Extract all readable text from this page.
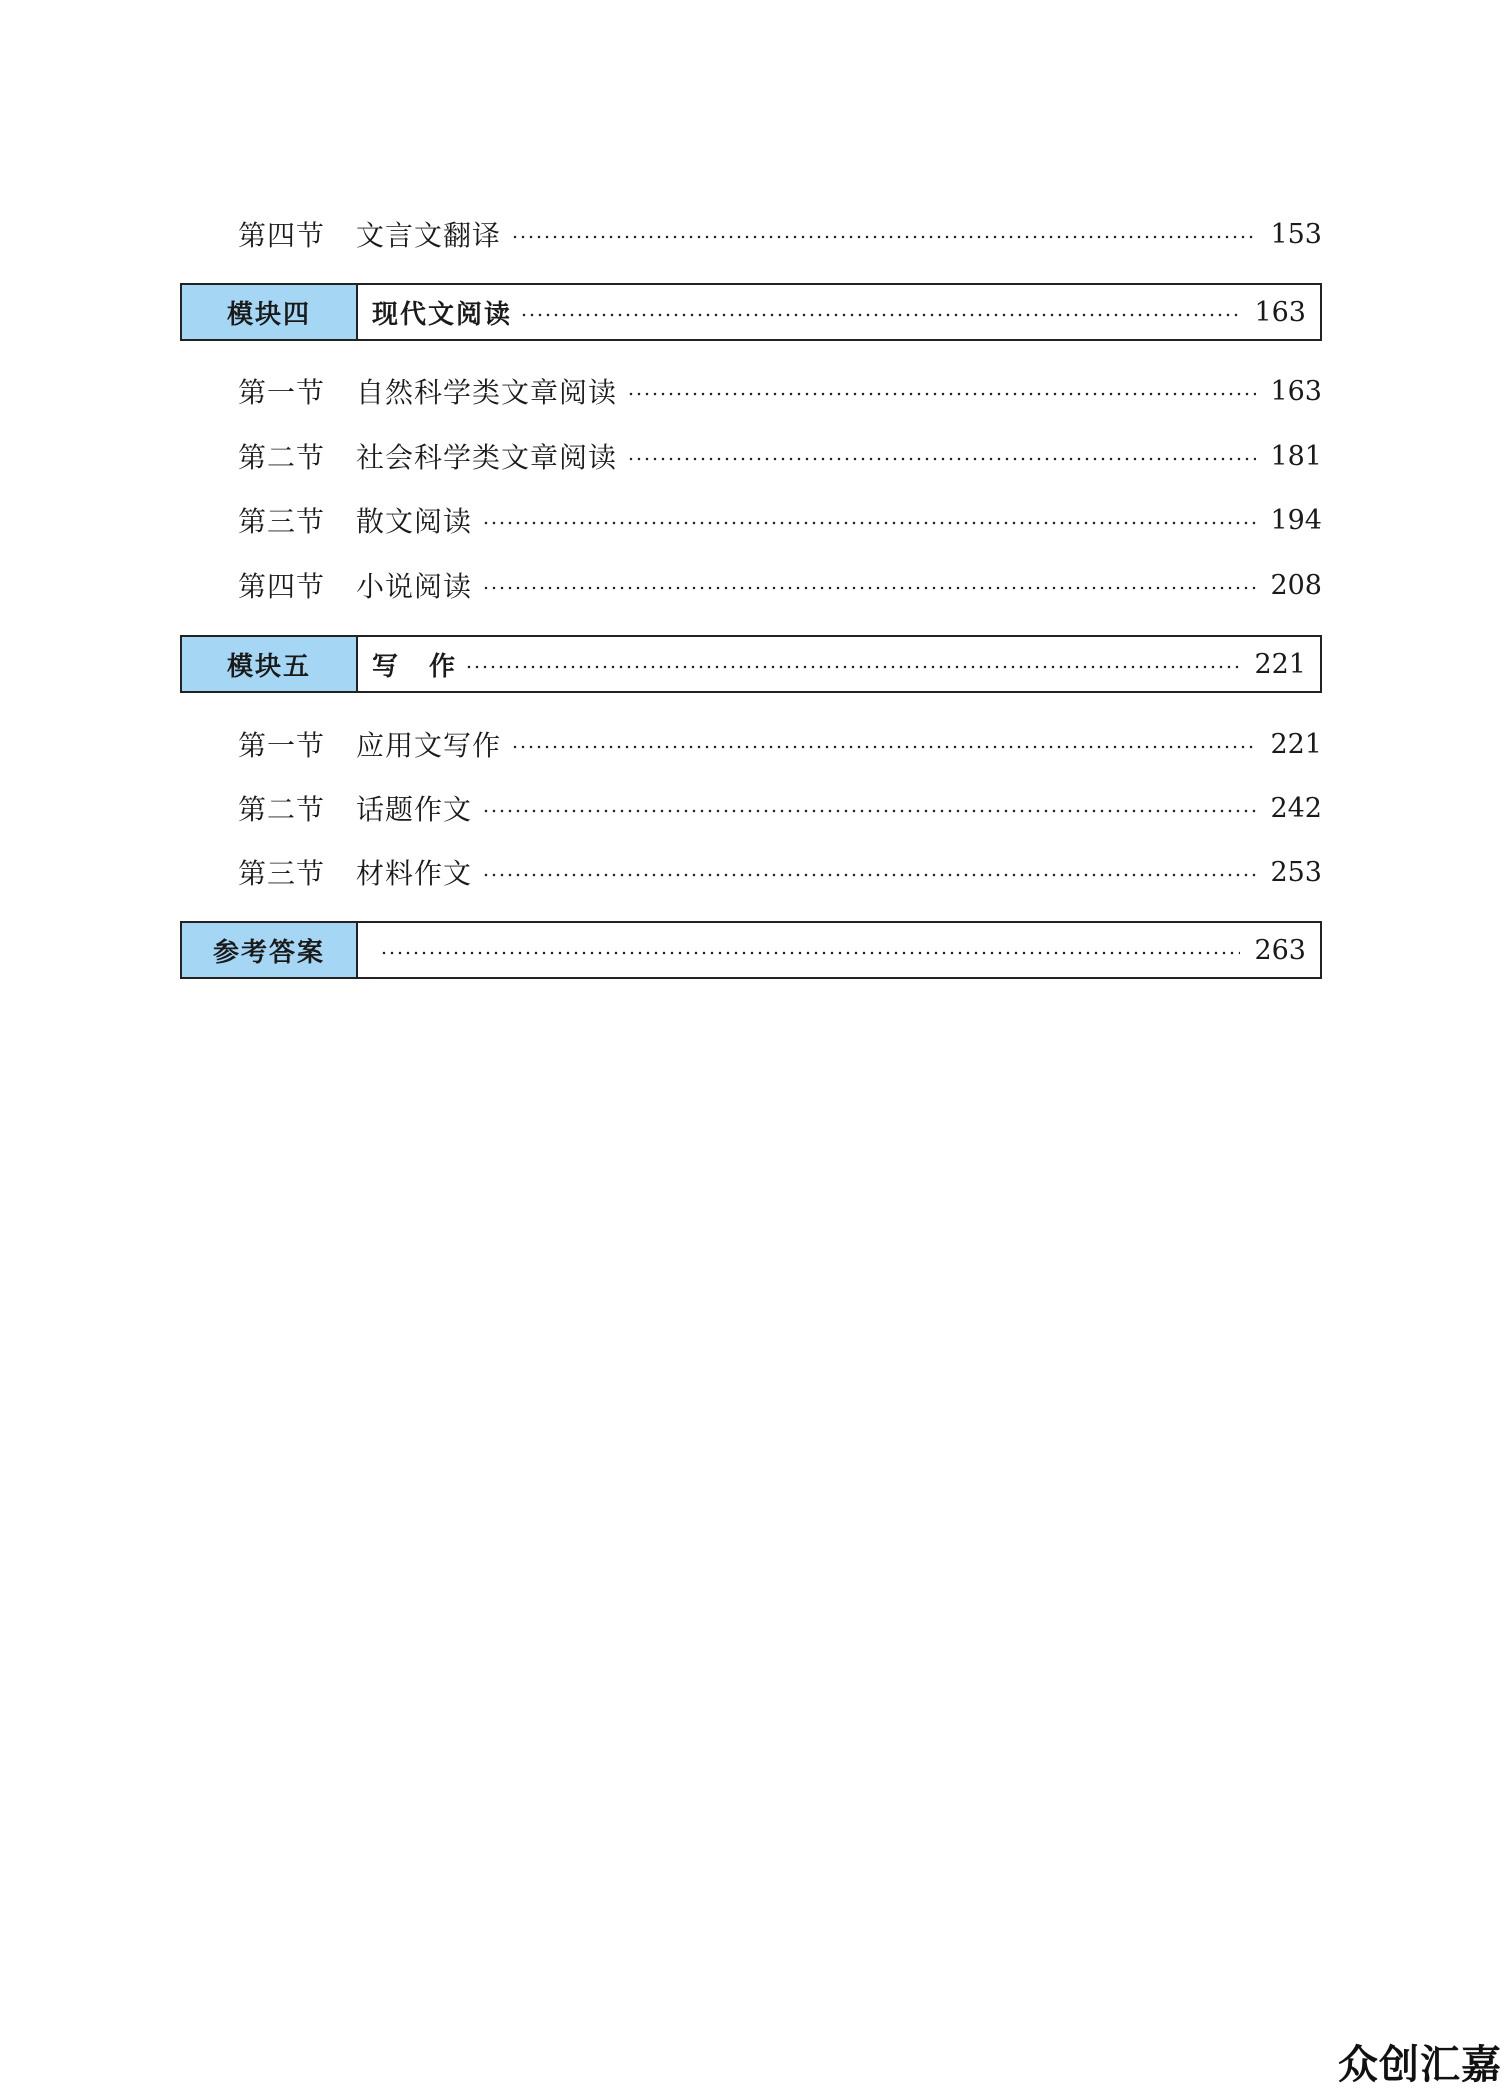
第四节	文言文翻译	153
模块四	现代文阅读	163
第一节	自然科学类文章阅读	163
第二节	社会科学类文章阅读	181
第三节	散文阅读	194
第四节	小说阅读	208
模块五	写 作	221
第一节	应用文写作	221
第二节	话题作文	242
第三节	材料作文	253
参考答案	263
众创汇嘉
